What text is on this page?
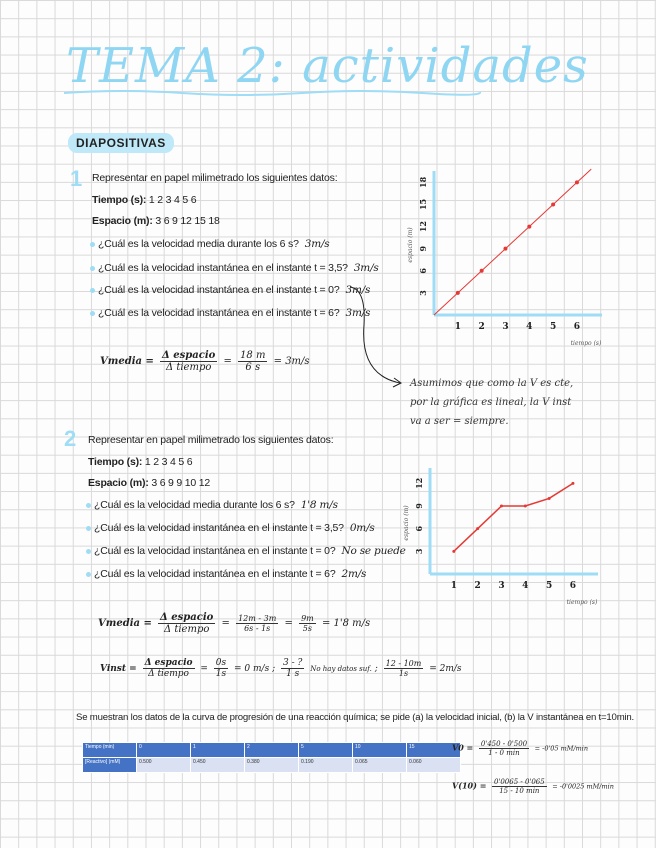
TEMA 2: actividades
DIAPOSITIVAS
1 Representar en papel milimetrado los siguientes datos:
Tiempo (s): 1 2 3 4 5 6
Espacio (m): 3 6 9 12 15 18
¿Cuál es la velocidad media durante los 6 s? 3m/s
¿Cuál es la velocidad instantánea en el instante t = 3,5? 3m/s
¿Cuál es la velocidad instantánea en el instante t = 0? 3m/s
¿Cuál es la velocidad instantánea en el instante t = 6? 3m/s
Vmedia = $\frac{\text{Δ espacio}}{\text{Δ tiempo}} = \frac{18 m}{6 s} = 3m/s$
Asumimos que como la V es cte, por la gráfica es lineal, la V inst va a ser = siempre.
1 2 3 4 5 6
3
6
9
12
15
18
espacio (m)
tiempo (s)
2 Representar en papel milimetrado los siguientes datos:
Tiempo (s): 1 2 3 4 5 6
Espacio (m): 3 6 9 9 10 12
¿Cuál es la velocidad media durante los 6 s? 1'8 m/s
¿Cuál es la velocidad instantánea en el instante t = 3,5? 0m/s
¿Cuál es la velocidad instantánea en el instante t = 0? No se puede
¿Cuál es la velocidad instantánea en el instante t = 6? 2m/s
1 2 3 4 5 6
3
6
9
12
espacio (m)
tiempo (s)
Vmedia = $\frac{\text{Δ espacio}}{\text{Δ tiempo}} = \frac{12m - 3m}{6s - 1s} = \frac{9m}{5s} = 1'8$ m/s
Vinst = $\frac{\text{Δ espacio}}{\text{Δ tiempo}} = \frac{0s}{1s} = 0$ m/s ; $\frac{3 - ?}{1 s}$ No hay datos suf. ; $\frac{12 - 10m}{1s} = 2m/s$
Se muestran los datos de la curva de progresión de una reacción química; se pide (a) la velocidad inicial, (b) la V instantánea en t=10min.
Tiempo (min)	0	1	2	5	10	15
[Reactivo] (mM)	0.500	0.450	0.380	0.190	0.065	0.060
$V0 = \frac{0'450 - 0'500}{1 - 0 \min} = -0'05$ mM/min
$V(10) = \frac{0'0065 - 0'065}{15 - 10 \min} = -0'0025$ mM/min
